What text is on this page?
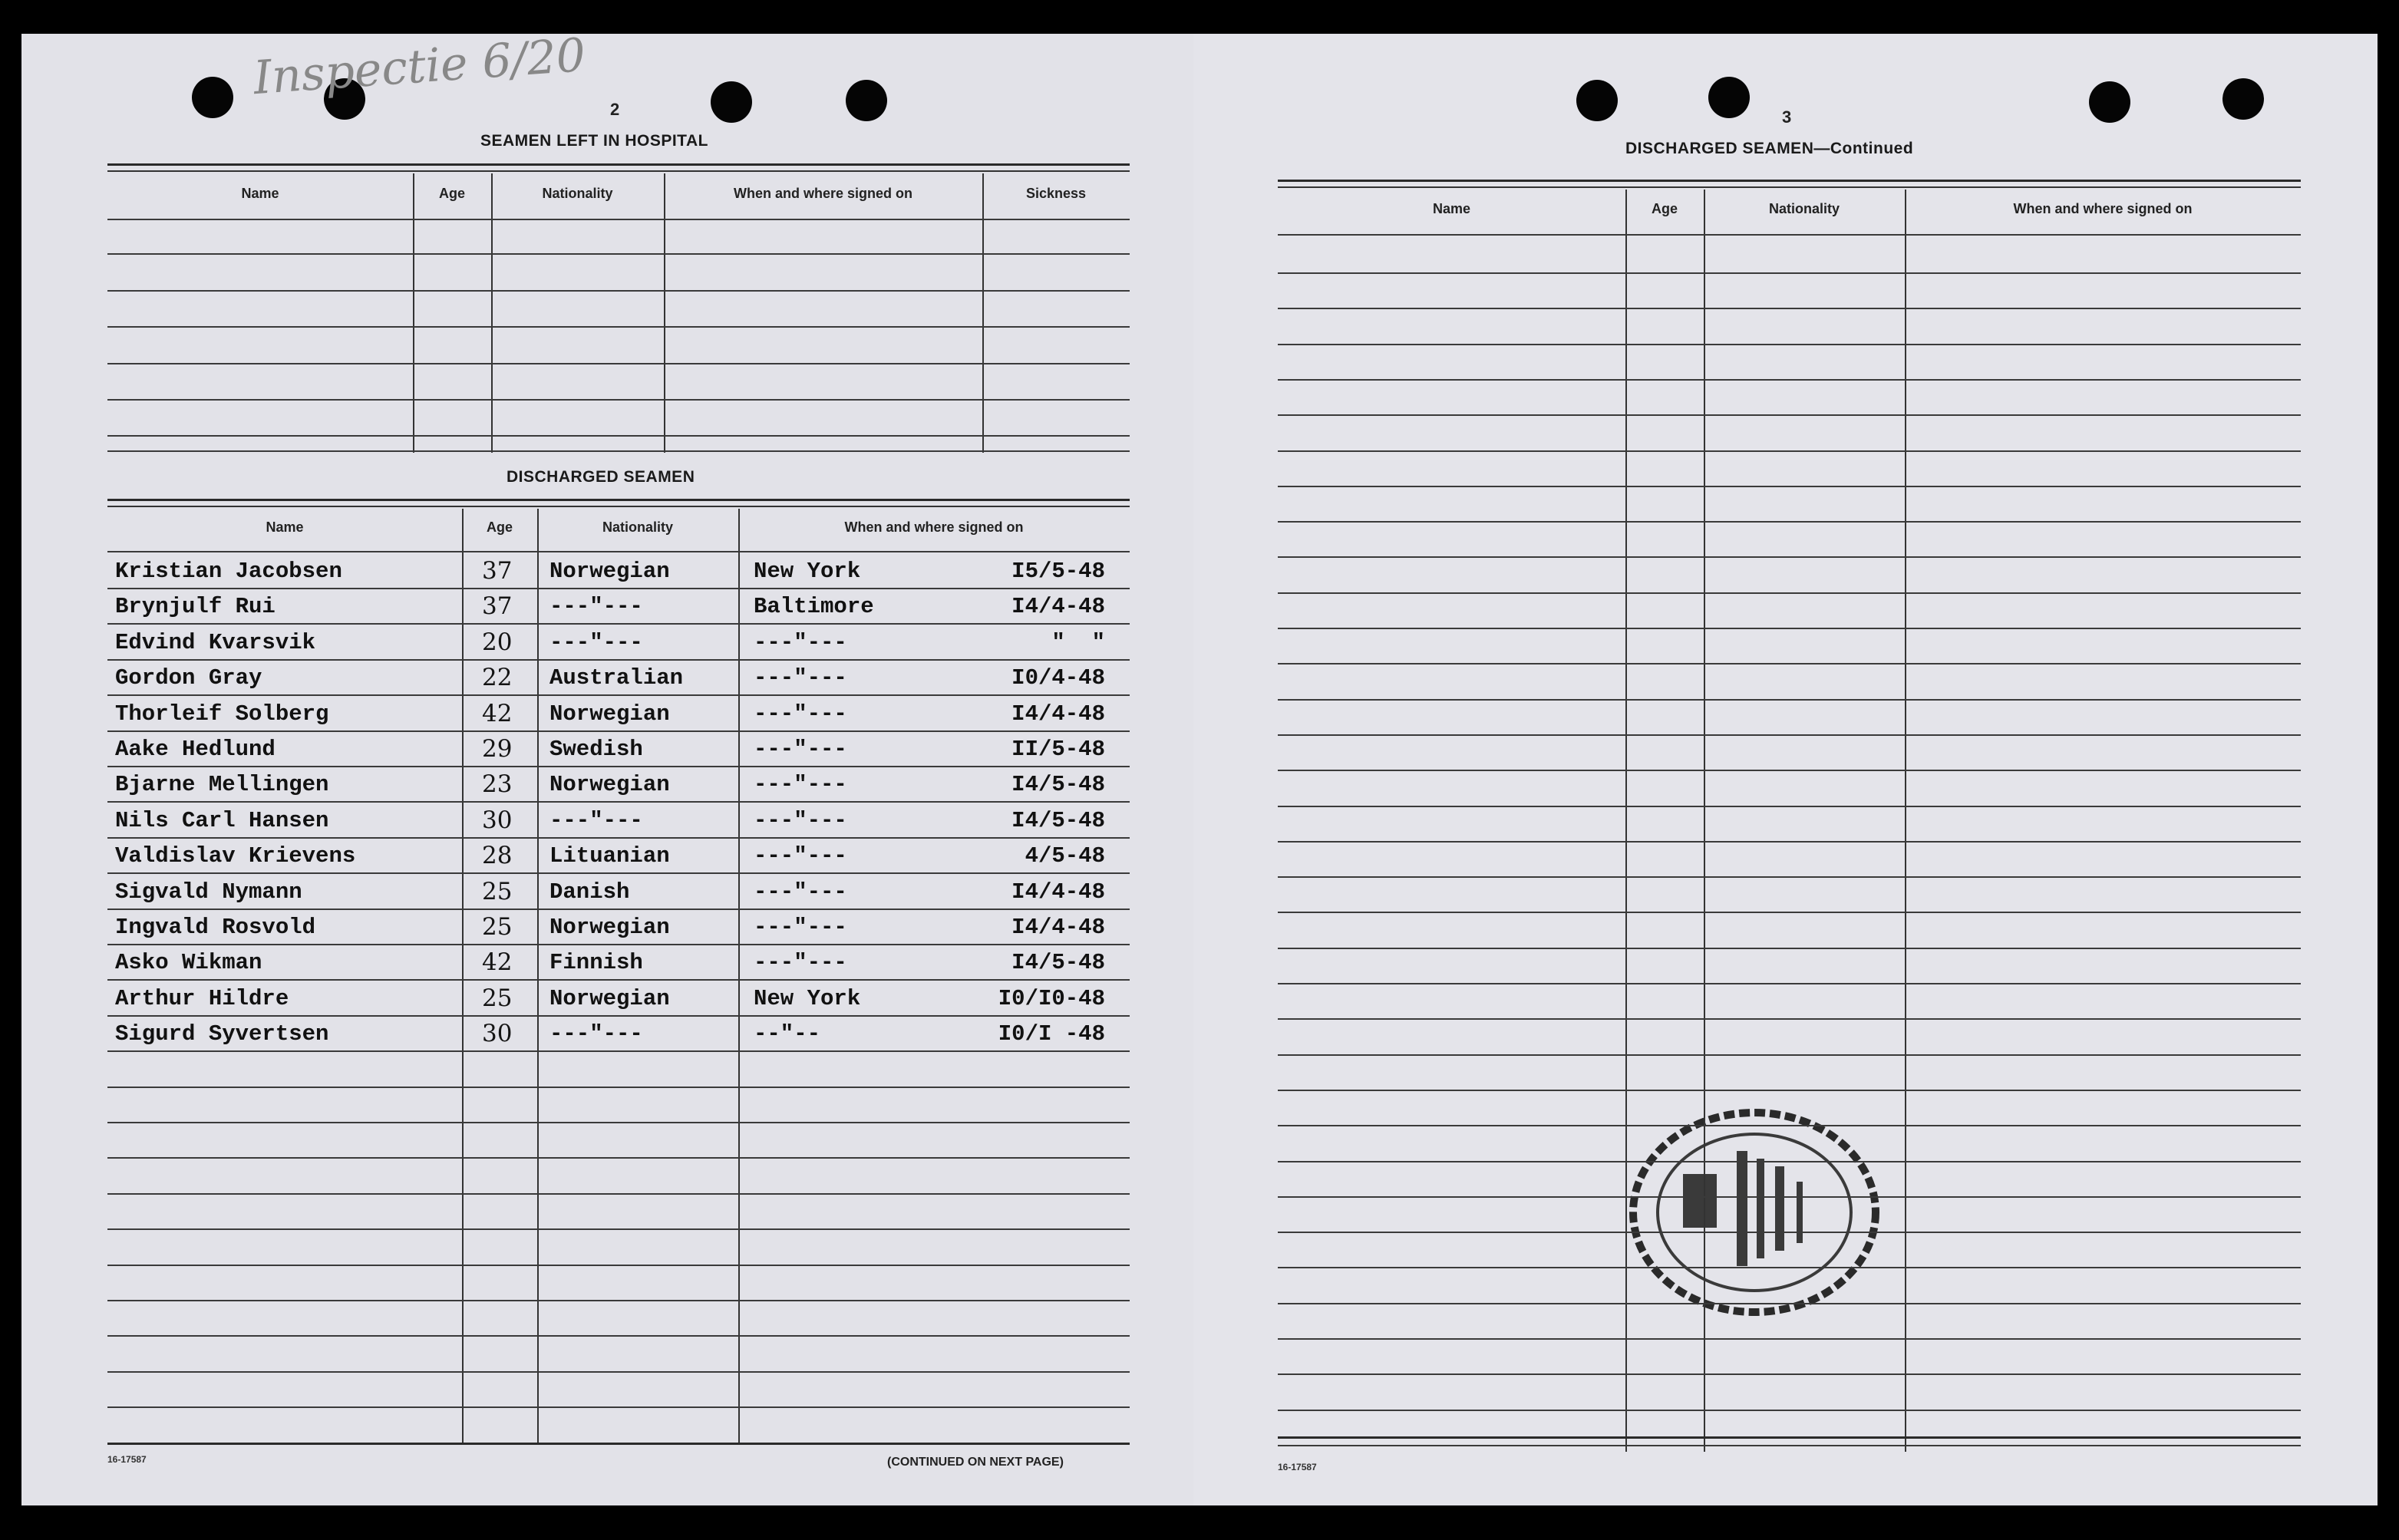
Inspectie 6/20
2
SEAMEN LEFT IN HOSPITAL
DISCHARGED SEAMEN
16-17587	(CONTINUED ON NEXT PAGE)
3
DISCHARGED SEAMEN—Continued
16-17587
Name	Age	Nationality	When and where signed on	Sickness
Name	Age	Nationality	When and where signed on
Kristian Jacobsen	37 Norwegian	New York	I5/5-48
Brynjulf Rui	37 ---"---	Baltimore	I4/4-48
Edvind Kvarsvik	20 ---"---	---"---	"  "
Gordon Gray	22 Australian	---"---	I0/4-48
Thorleif Solberg	42 Norwegian	---"---	I4/4-48
Aake Hedlund	29 Swedish	---"---	II/5-48
Bjarne Mellingen	23 Norwegian	---"---	I4/5-48
Nils Carl Hansen	30 ---"---	---"---	I4/5-48
Valdislav Krievens	28 Lituanian	---"---	4/5-48
Sigvald Nymann	25 Danish	---"---	I4/4-48
Ingvald Rosvold	25 Norwegian	---"---	I4/4-48
Asko Wikman	42 Finnish	---"---	I4/5-48
Arthur Hildre	25 Norwegian	New York	I0/I0-48
Sigurd Syvertsen	30 ---"---	--"--	I0/I -48
Name	Age	Nationality	When and where signed on
